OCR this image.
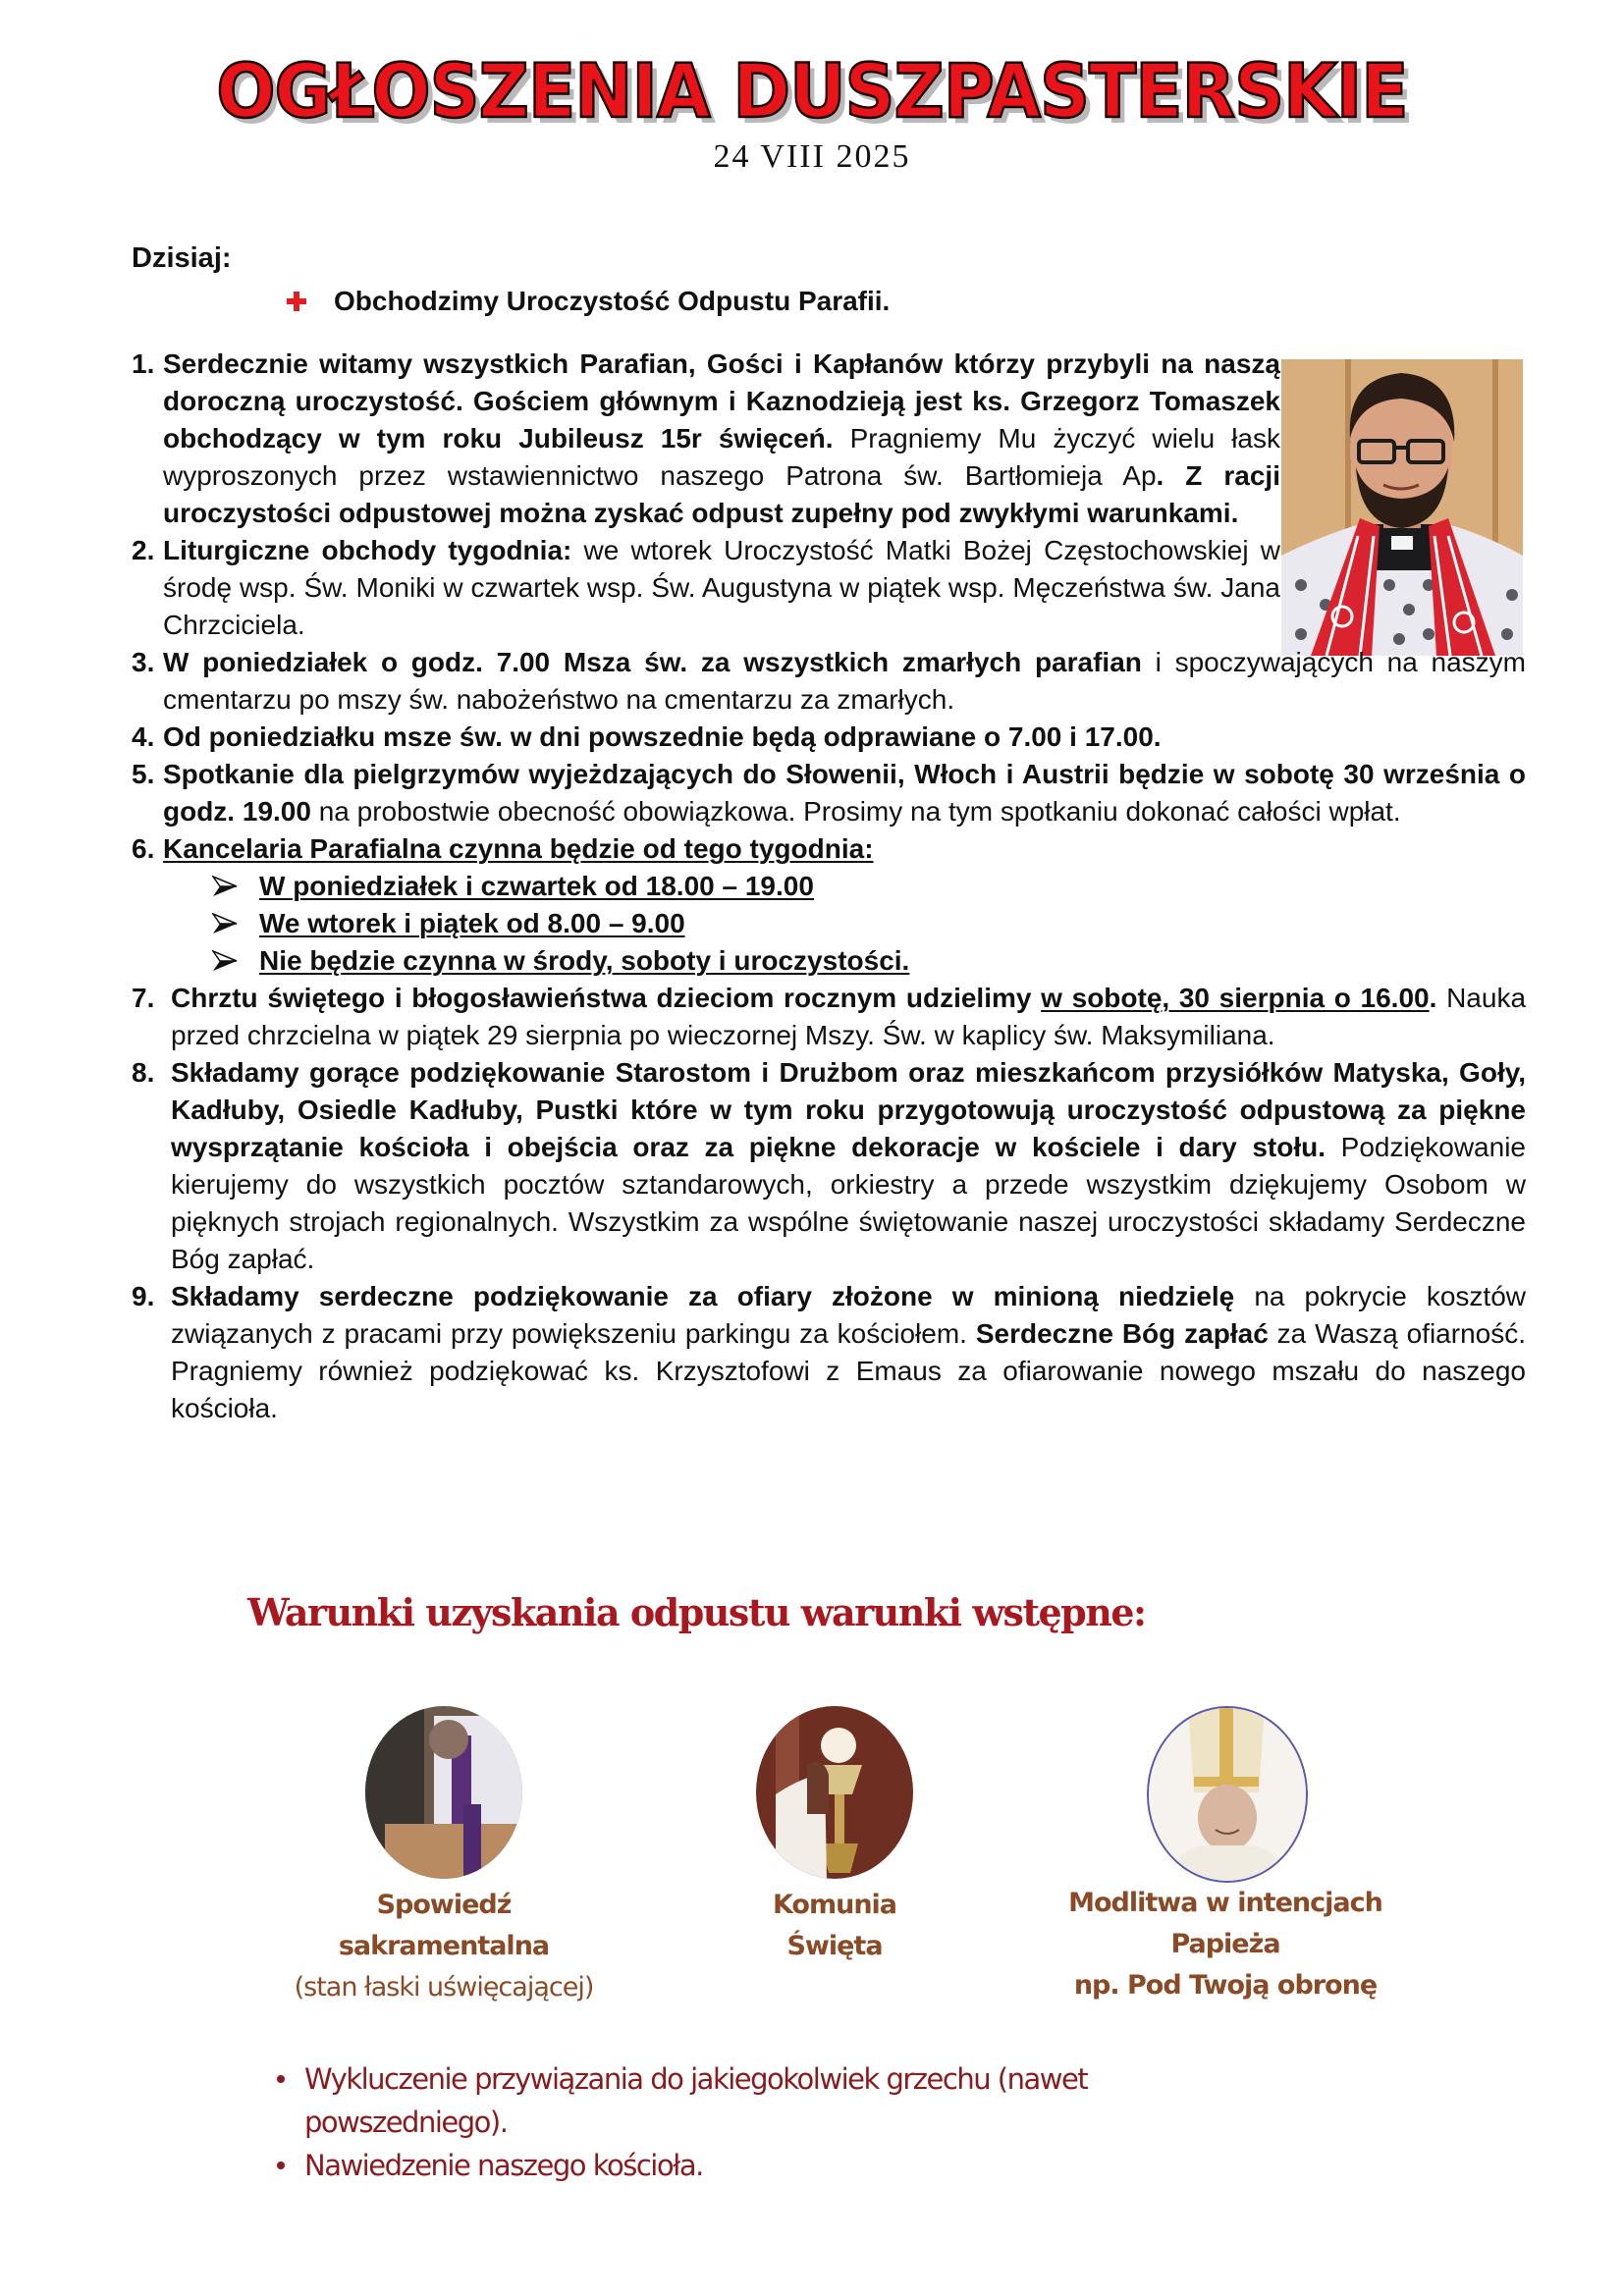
OGŁOSZENIA DUSZPASTERSKIE
24 VIII 2025
Dzisiaj:
Obchodzimy Uroczystość Odpustu Parafii.
1. Serdecznie witamy wszystkich Parafian, Gości i Kapłanów którzy przybyli na naszą doroczną uroczystość. Gościem głównym i Kaznodzieją jest ks. Grzegorz Tomaszek obchodzący w tym roku Jubileusz 15r święceń. Pragniemy Mu życzyć wielu łask wyproszonych przez wstawiennictwo naszego Patrona św. Bartłomieja Ap. Z racji uroczystości odpustowej można zyskać odpust zupełny pod zwykłymi warunkami.
2. Liturgiczne obchody tygodnia: we wtorek Uroczystość Matki Bożej Częstochowskiej w środę wsp. Św. Moniki w czwartek wsp. Św. Augustyna w piątek wsp. Męczeństwa św. Jana Chrzciciela.
3. W poniedziałek o godz. 7.00 Msza św. za wszystkich zmarłych parafian i spoczywających na naszym cmentarzu po mszy św. nabożeństwo na cmentarzu za zmarłych.
4. Od poniedziałku msze św. w dni powszednie będą odprawiane o 7.00 i 17.00.
5. Spotkanie dla pielgrzymów wyjeżdzających do Słowenii, Włoch i Austrii będzie w sobotę 30 września o godz. 19.00 na probostwie obecność obowiązkowa. Prosimy na tym spotkaniu dokonać całości wpłat.
6. Kancelaria Parafialna czynna będzie od tego tygodnia:
W poniedziałek i czwartek od 18.00 – 19.00
We wtorek i piątek od 8.00 – 9.00
Nie będzie czynna w środy, soboty i uroczystości.
7. Chrztu świętego i błogosławieństwa dzieciom rocznym udzielimy w sobotę, 30 sierpnia o 16.00. Nauka przed chrzcielna w piątek 29 sierpnia po wieczornej Mszy. Św. w kaplicy św. Maksymiliana.
8. Składamy gorące podziękowanie Starostom i Drużbom oraz mieszkańcom przysiółków Matyska, Goły, Kadłuby, Osiedle Kadłuby, Pustki które w tym roku przygotowują uroczystość odpustową za piękne wysprzątanie kościoła i obejścia oraz za piękne dekoracje w kościele i dary stołu. Podziękowanie kierujemy do wszystkich pocztów sztandarowych, orkiestry a przede wszystkim dziękujemy Osobom w pięknych strojach regionalnych. Wszystkim za wspólne świętowanie naszej uroczystości składamy Serdeczne Bóg zapłać.
9. Składamy serdeczne podziękowanie za ofiary złożone w minioną niedzielę na pokrycie kosztów związanych z pracami przy powiększeniu parkingu za kościołem. Serdeczne Bóg zapłać za Waszą ofiarność. Pragniemy również podziękować ks. Krzysztofowi z Emaus za ofiarowanie nowego mszału do naszego kościoła.
Warunki uzyskania odpustu warunki wstępne:
Spowiedź
sakramentalna
(stan łaski uświęcającej)
Komunia
Święta
Modlitwa w intencjach
Papieża
np. Pod Twoją obronę
Wykluczenie przywiązania do jakiegokolwiek grzechu (nawet powszedniego).
Nawiedzenie naszego kościoła.
